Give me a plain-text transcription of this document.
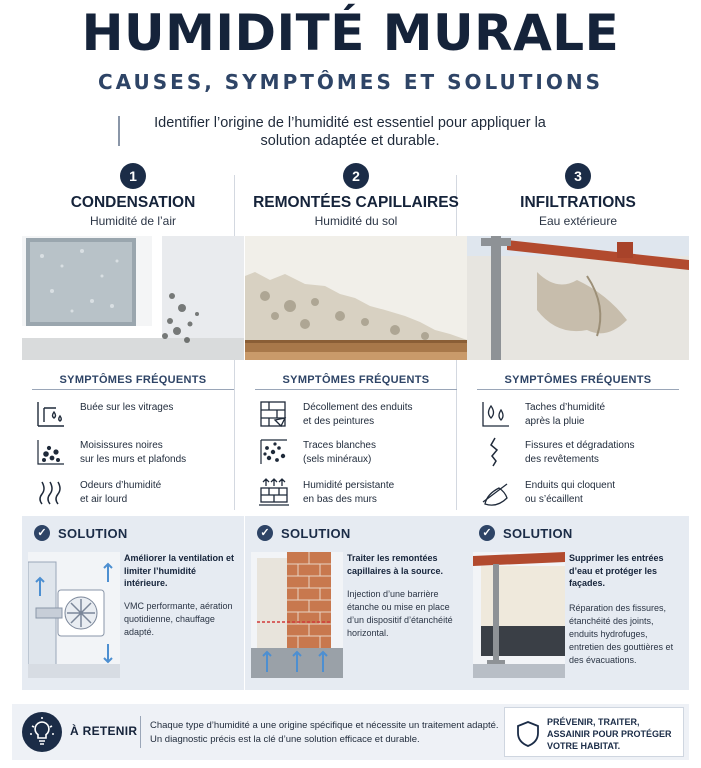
HUMIDITÉ MURALE
CAUSES, SYMPTÔMES ET SOLUTIONS
Identifier l’origine de l’humidité est essentiel pour appliquer la solution adaptée et durable.
1
CONDENSATION
Humidité de l’air
SYMPTÔMES FRÉQUENTS
Buée sur les vitrages
Moisissures noires
sur les murs et plafonds
Odeurs d’humidité
et air lourd
✓ SOLUTION
Améliorer la ventilation et limiter l’humidité intérieure.
VMC performante, aération quotidienne, chauffage adapté.
2
REMONTÉES CAPILLAIRES
Humidité du sol
SYMPTÔMES FRÉQUENTS
Décollement des enduits
et des peintures
Traces blanches
(sels minéraux)
Humidité persistante
en bas des murs
✓ SOLUTION
Traiter les remontées capillaires à la source.
Injection d’une barrière étanche ou mise en place d’un dispositif d’étanchéité horizontal.
3
INFILTRATIONS
Eau extérieure
SYMPTÔMES FRÉQUENTS
Taches d’humidité
après la pluie
Fissures et dégradations
des revêtements
Enduits qui cloquent
ou s’écaillent
✓ SOLUTION
Supprimer les entrées d’eau et protéger les façades.
Réparation des fissures, étanchéité des joints, enduits hydrofuges, entretien des gouttières et des évacuations.
À RETENIR Chaque type d’humidité a une origine spécifique et nécessite un traitement adapté.
Un diagnostic précis est la clé d’une solution efficace et durable.
PRÉVENIR, TRAITER, ASSAINIR POUR PROTÉGER VOTRE HABITAT.
